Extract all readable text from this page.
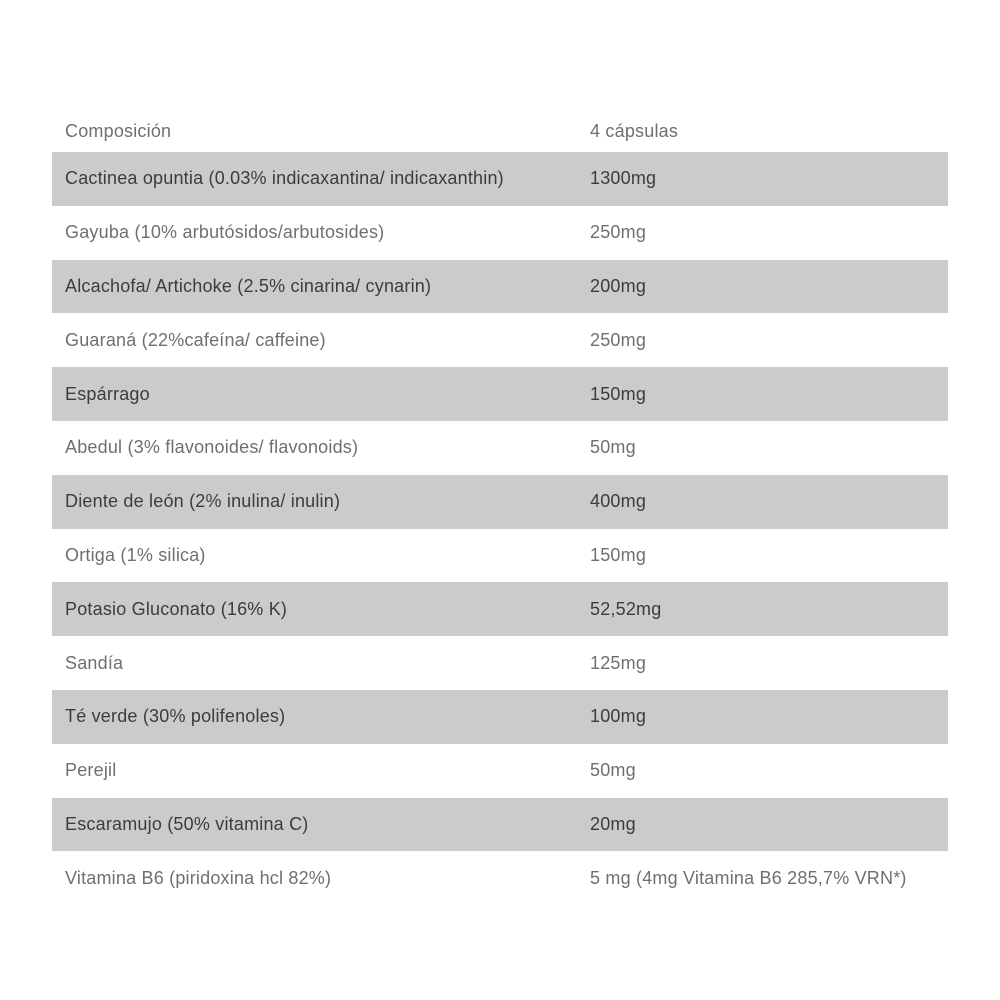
Composición	4 cápsulas
Cactinea opuntia (0.03% indicaxantina/ indicaxanthin)	1300mg
Gayuba (10% arbutósidos/arbutosides)	250mg
Alcachofa/ Artichoke (2.5% cinarina/ cynarin)	200mg
Guaraná (22%cafeína/ caffeine)	250mg
Espárrago	150mg
Abedul (3% flavonoides/ flavonoids)	50mg
Diente de león (2% inulina/ inulin)	400mg
Ortiga (1% silica)	150mg
Potasio Gluconato (16% K)	52,52mg
Sandía	125mg
Té verde (30% polifenoles)	100mg
Perejil	50mg
Escaramujo (50% vitamina C)	20mg
Vitamina B6 (piridoxina hcl 82%)	5 mg (4mg Vitamina B6 285,7% VRN*)
